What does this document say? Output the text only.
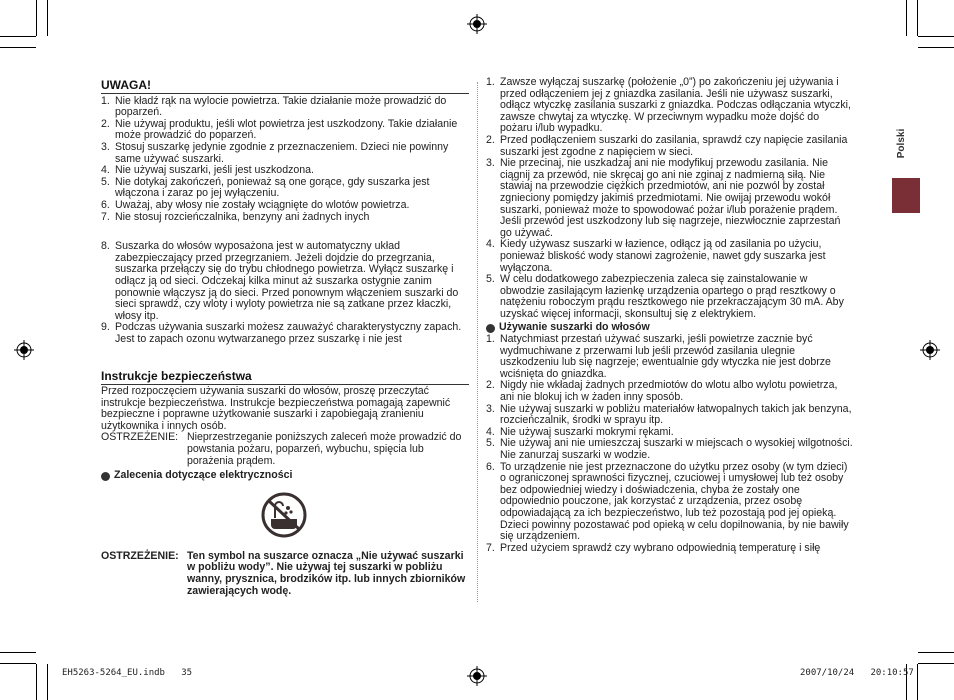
Polski
UWAGA!
1. Nie kładź rąk na wylocie powietrza. Takie działanie może prowadzić do poparzeń.
2. Nie używaj produktu, jeśli wlot powietrza jest uszkodzony. Takie działanie może prowadzić do poparzeń.
3. Stosuj suszarkę jedynie zgodnie z przeznaczeniem. Dzieci nie powinny same używać suszarki.
4. Nie używaj suszarki, jeśli jest uszkodzona.
5. Nie dotykaj zakończeń, ponieważ są one gorące, gdy suszarka jest włączona i zaraz po jej wyłączeniu.
6. Uważaj, aby włosy nie zostały wciągnięte do wlotów powietrza.
7. Nie stosuj rozcieńczalnika, benzyny ani żadnych inych
8. Suszarka do włosów wyposażona jest w automatyczny układ zabezpieczający przed przegrzaniem. Jeżeli dojdzie do przegrzania, suszarka przełączy się do trybu chłodnego powietrza. Wyłącz suszarkę i odłącz ją od sieci. Odczekaj kilka minut aż suszarka ostygnie zanim ponownie włączysz ją do sieci. Przed ponownym włączeniem suszarki do sieci sprawdź, czy wloty i wyloty powietrza nie są zatkane przez kłaczki, włosy itp.
9. Podczas używania suszarki możesz zauważyć charakterystyczny zapach. Jest to zapach ozonu wytwarzanego przez suszarkę i nie jest
Instrukcje bezpieczeństwa
Przed rozpoczęciem używania suszarki do włosów, proszę przeczytać instrukcje bezpieczeństwa. Instrukcje bezpieczeństwa pomagają zapewnić bezpieczne i poprawne użytkowanie suszarki i zapobiegają zranieniu użytkownika i innych osób.
OSTRZEŻENIE: Nieprzestrzeganie poniższych zaleceń może prowadzić do powstania pożaru, poparzeń, wybuchu, spięcia lub porażenia prądem.
Zalecenia dotyczące elektryczności
OSTRZEŻENIE: Ten symbol na suszarce oznacza „Nie używać suszarki w pobliżu wody”. Nie używaj tej suszarki w pobliżu wanny, prysznica, brodzików itp. lub innych zbiorników zawierających wodę.
1. Zawsze wyłączaj suszarkę (położenie „0”) po zakończeniu jej używania i przed odłączeniem jej z gniazdka zasilania. Jeśli nie używasz suszarki, odłącz wtyczkę zasilania suszarki z gniazdka. Podczas odłączania wtyczki, zawsze chwytaj za wtyczkę. W przeciwnym wypadku może dojść do pożaru i/lub wypadku.
2. Przed podłączeniem suszarki do zasilania, sprawdź czy napięcie zasilania suszarki jest zgodne z napięciem w sieci.
3. Nie przecinaj, nie uszkadzaj ani nie modyfikuj przewodu zasilania. Nie ciągnij za przewód, nie skręcaj go ani nie zginaj z nadmierną siłą. Nie stawiaj na przewodzie ciężkich przedmiotów, ani nie pozwól by został zgnieciony pomiędzy jakimiś przedmiotami. Nie owijaj przewodu wokół suszarki, ponieważ może to spowodować pożar i/lub porażenie prądem. Jeśli przewód jest uszkodzony lub się nagrzeje, niezwłocznie zaprzestań go używać.
4. Kiedy używasz suszarki w łazience, odłącz ją od zasilania po użyciu, ponieważ bliskość wody stanowi zagrożenie, nawet gdy suszarka jest wyłączona.
5. W celu dodatkowego zabezpieczenia zaleca się zainstalowanie w obwodzie zasilającym łazienkę urządzenia opartego o prąd resztkowy o natężeniu roboczym prądu resztkowego nie przekraczającym 30 mA. Aby uzyskać więcej informacji, skonsultuj się z elektrykiem.
Używanie suszarki do włosów
1. Natychmiast przestań używać suszarki, jeśli powietrze zacznie być wydmuchiwane z przerwami lub jeśli przewód zasilania ulegnie uszkodzeniu lub się nagrzeje; ewentualnie gdy wtyczka nie jest dobrze wciśnięta do gniazdka.
2. Nigdy nie wkładaj żadnych przedmiotów do wlotu albo wylotu powietrza, ani nie blokuj ich w żaden inny sposób.
3. Nie używaj suszarki w pobliżu materiałów łatwopalnych takich jak benzyna, rozcieńczalnik, środki w sprayu itp.
4. Nie używaj suszarki mokrymi rękami.
5. Nie używaj ani nie umieszczaj suszarki w miejscach o wysokiej wilgotności. Nie zanurzaj suszarki w wodzie.
6. To urządzenie nie jest przeznaczone do użytku przez osoby (w tym dzieci) o ograniczonej sprawności fizycznej, czuciowej i umysłowej lub też osoby bez odpowiedniej wiedzy i doświadczenia, chyba że zostały one odpowiednio pouczone, jak korzystać z urządzenia, przez osobę odpowiadającą za ich bezpieczeństwo, lub też pozostają pod jej opieką.
Dzieci powinny pozostawać pod opieką w celu dopilnowania, by nie bawiły się urządzeniem.
7. Przed użyciem sprawdź czy wybrano odpowiednią temperaturę i siłę
EH5263-5264_EU.indb 35	2007/10/24 20:10:57
